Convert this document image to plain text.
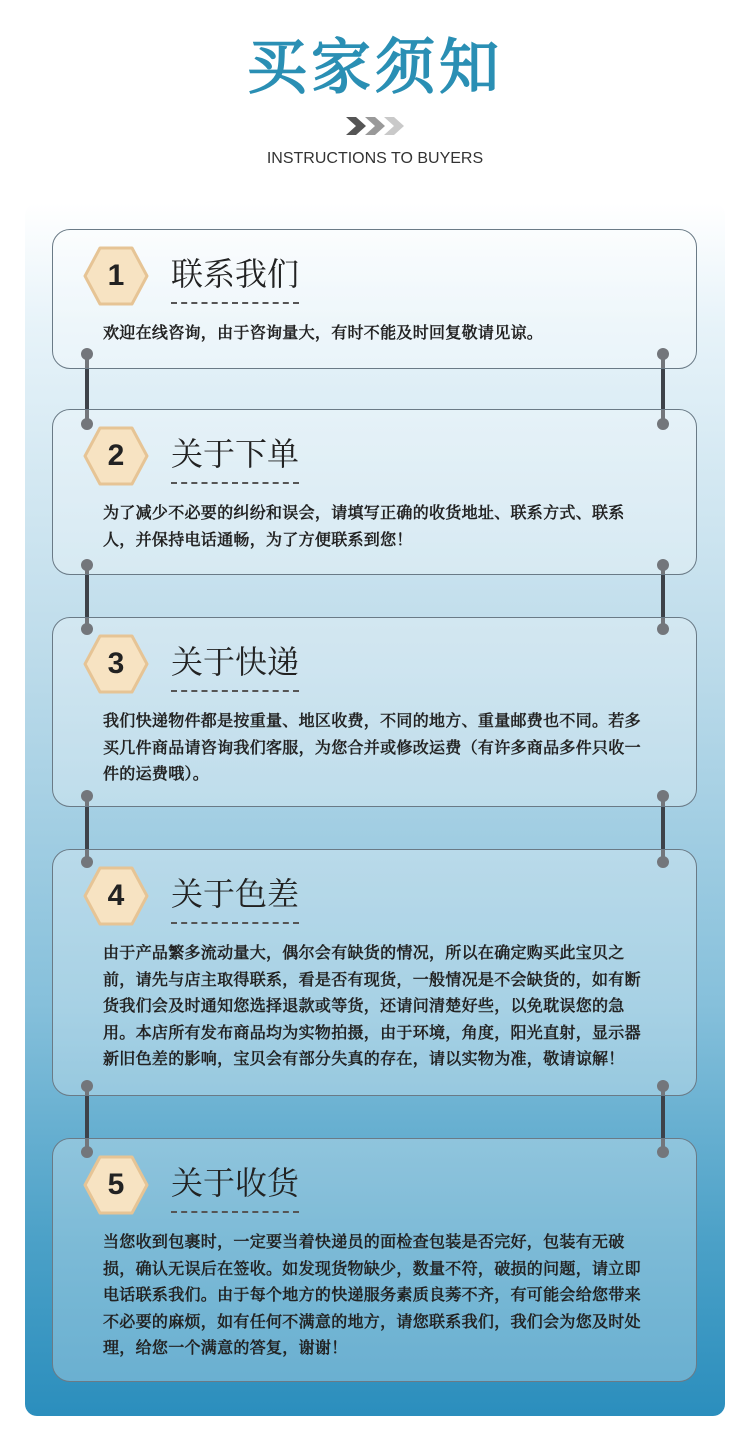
买家须知
INSTRUCTIONS TO BUYERS
1	联系我们
欢迎在线咨询，由于咨询量大，有时不能及时回复敬请见谅。
2	关于下单
为了减少不必要的纠纷和误会，请填写正确的收货地址、联系方式、联系人，并保持电话通畅，为了方便联系到您！
3	关于快递
我们快递物件都是按重量、地区收费，不同的地方、重量邮费也不同。若多买几件商品请咨询我们客服，为您合并或修改运费（有许多商品多件只收一件的运费哦）。
4	关于色差
由于产品繁多流动量大，偶尔会有缺货的情况，所以在确定购买此宝贝之前，请先与店主取得联系，看是否有现货，一般情况是不会缺货的，如有断货我们会及时通知您选择退款或等货，还请问清楚好些，以免耽误您的急用。本店所有发布商品均为实物拍摄，由于环境，角度，阳光直射，显示器新旧色差的影响，宝贝会有部分失真的存在，请以实物为准，敬请谅解！
5	关于收货
当您收到包裹时，一定要当着快递员的面检查包装是否完好，包装有无破损，确认无误后在签收。如发现货物缺少，数量不符，破损的问题，请立即电话联系我们。由于每个地方的快递服务素质良莠不齐，有可能会给您带来不必要的麻烦，如有任何不满意的地方，请您联系我们，我们会为您及时处理，给您一个满意的答复，谢谢！
